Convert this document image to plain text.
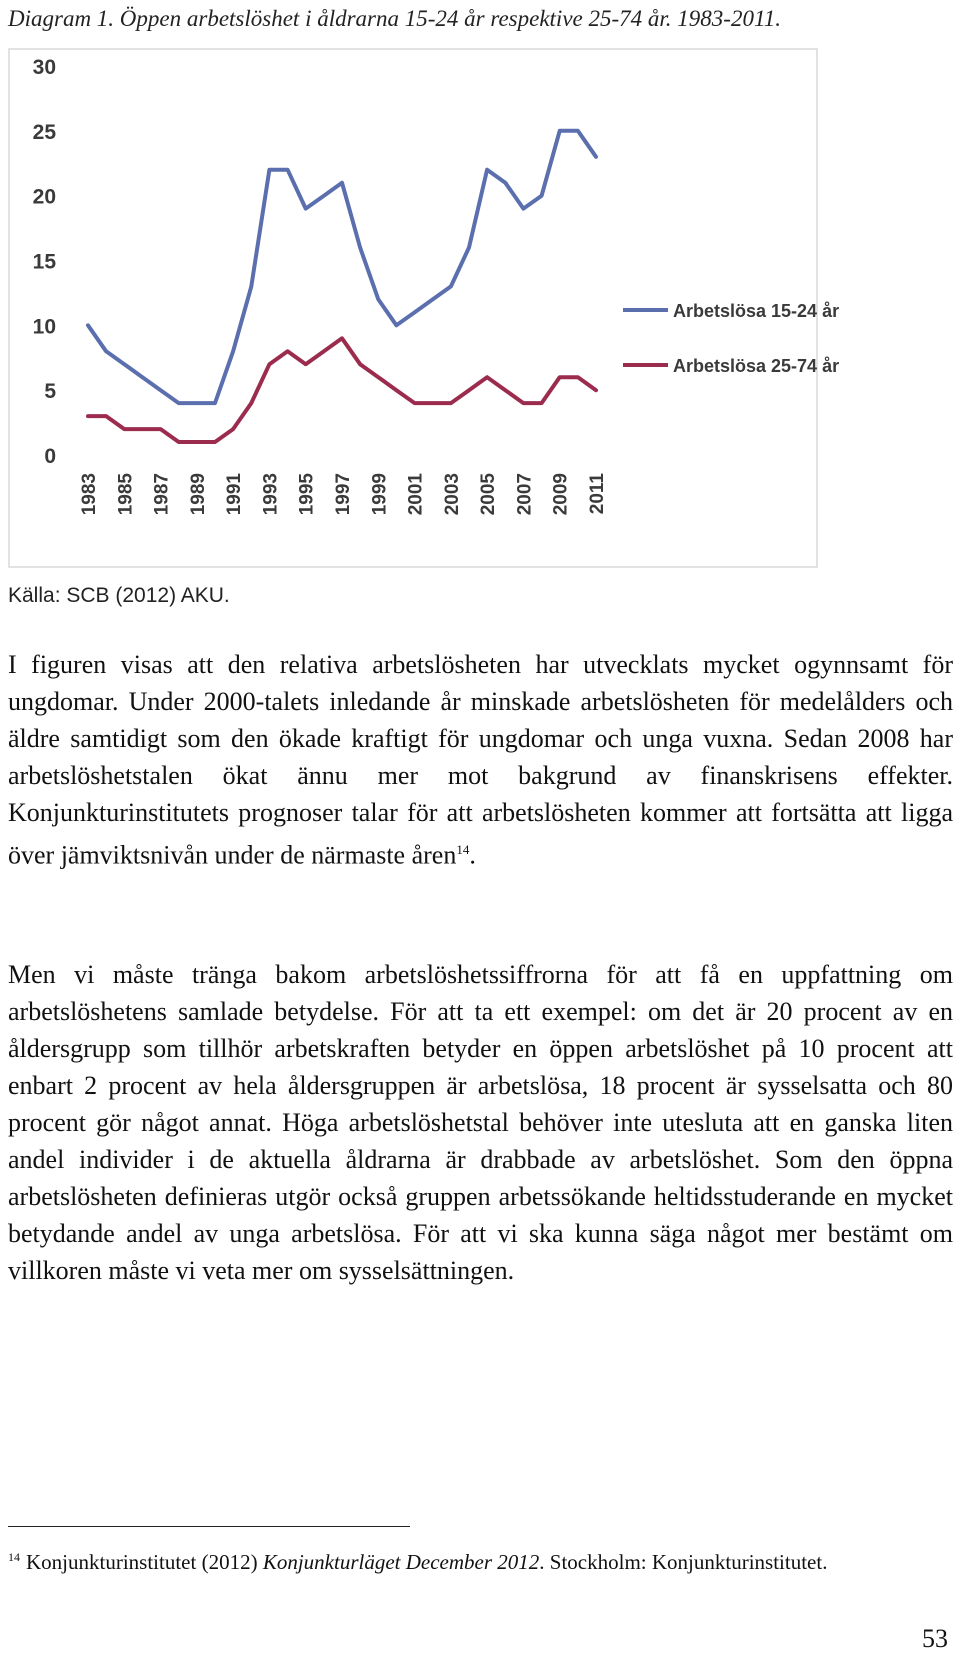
Diagram 1. Öppen arbetslöshet i åldrarna 15-24 år respektive 25-74 år. 1983-2011.
0
5
10
15
20
25
30
1983 1985 1987 1989 1991 1993 1995 1997 1999 2001 2003 2005 2007 2009 2011
Arbetslösa 15-24 år
Arbetslösa 25-74 år
Källa: SCB (2012) AKU.

I figuren visas att den relativa arbetslösheten har utvecklats mycket ogynnsamt för ungdomar. Under 2000-talets inledande år minskade arbetslösheten för medelålders och äldre samtidigt som den ökade kraftigt för ungdomar och unga vuxna. Sedan 2008 har arbetslöshetstalen ökat ännu mer mot bakgrund av finanskrisens effekter. Konjunkturinstitutets prognoser talar för att arbetslösheten kommer att fortsätta att ligga över jämviktsnivån under de närmaste åren$^{14}$.

Men vi måste tränga bakom arbetslöshetssiffrorna för att få en uppfattning om arbetslöshetens samlade betydelse. För att ta ett exempel: om det är 20 procent av en åldersgrupp som tillhör arbetskraften betyder en öppen arbetslöshet på 10 procent att enbart 2 procent av hela åldersgruppen är arbetslösa, 18 procent är sysselsatta och 80 procent gör något annat. Höga arbetslöshetstal behöver inte utesluta att en ganska liten andel individer i de aktuella åldrarna är drabbade av arbetslöshet. Som den öppna arbetslösheten definieras utgör också gruppen arbetssökande heltidsstuderande en mycket betydande andel av unga arbetslösa. För att vi ska kunna säga något mer bestämt om villkoren måste vi veta mer om sysselsättningen.

$^{14}$ Konjunkturinstitutet (2012) Konjunkturläget December 2012. Stockholm: Konjunkturinstitutet.

53
